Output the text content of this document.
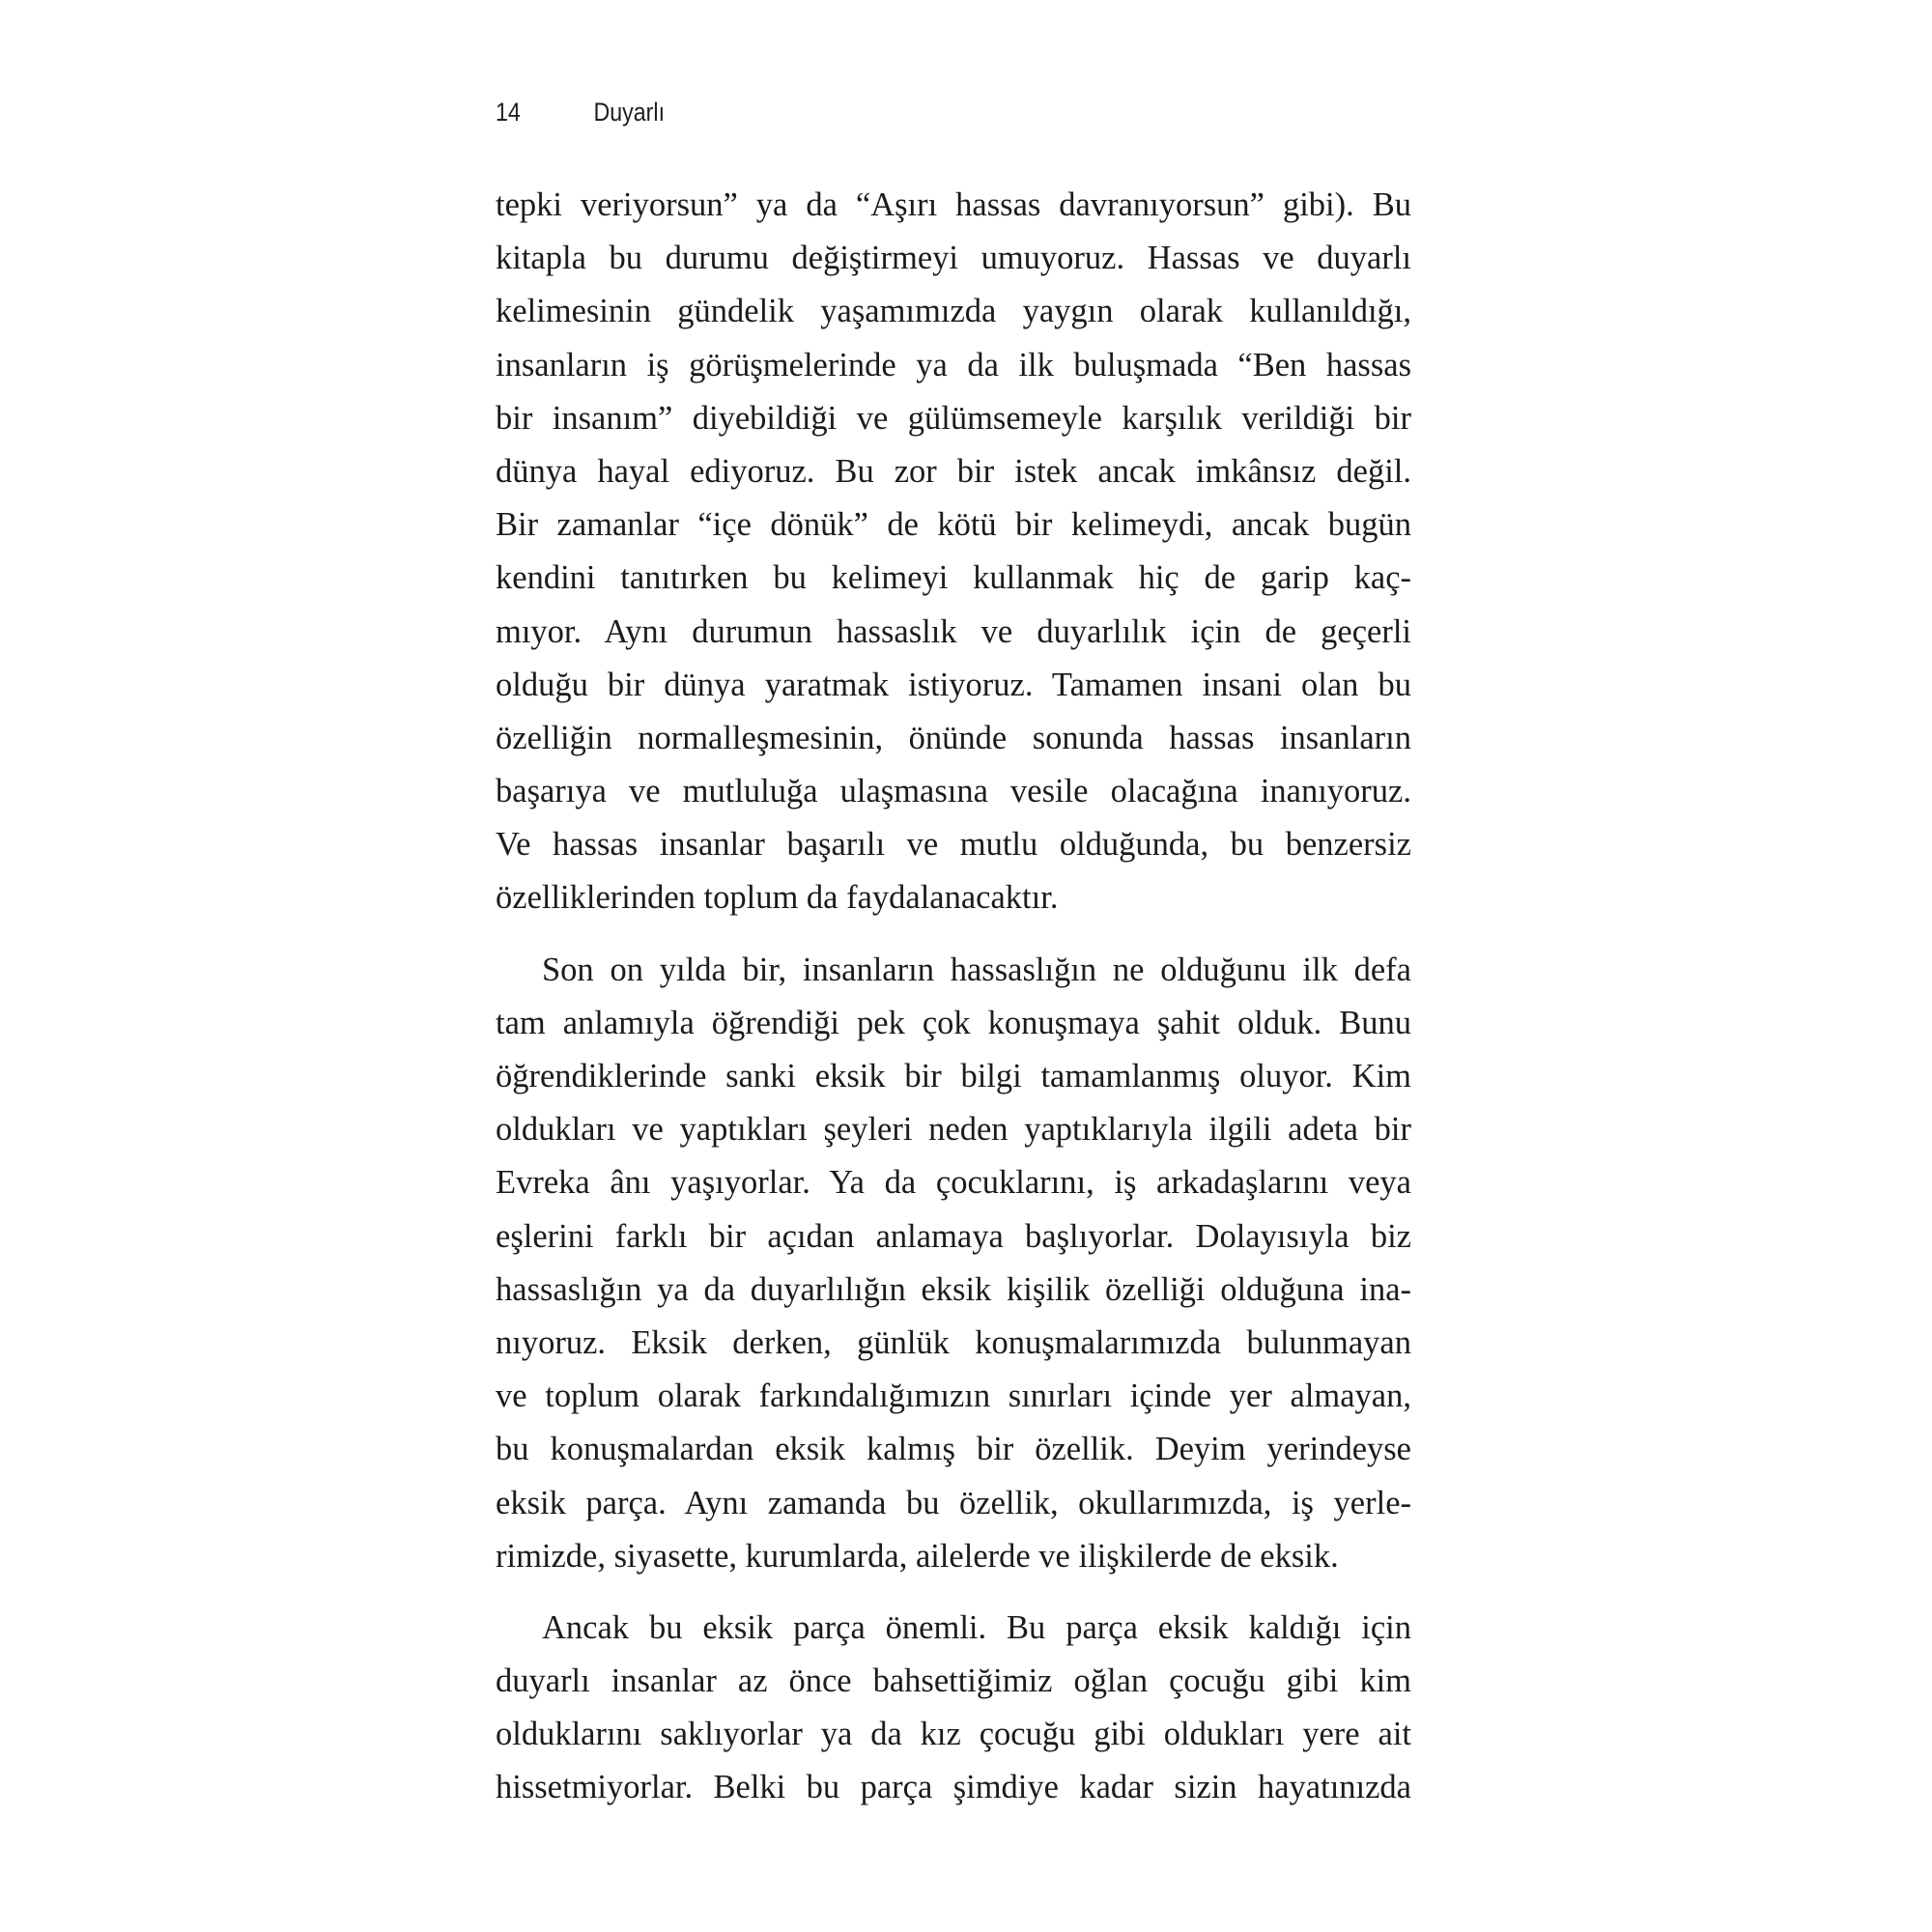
14	Duyarlı

tepki veriyorsun” ya da “Aşırı hassas davranıyorsun” gibi). Bu
kitapla bu durumu değiştirmeyi umuyoruz. Hassas ve duyarlı
kelimesinin gündelik yaşamımızda yaygın olarak kullanıldığı,
insanların iş görüşmelerinde ya da ilk buluşmada “Ben hassas
bir insanım” diyebildiği ve gülümsemeyle karşılık verildiği bir
dünya hayal ediyoruz. Bu zor bir istek ancak imkânsız değil.
Bir zamanlar “içe dönük” de kötü bir kelimeydi, ancak bugün
kendini tanıtırken bu kelimeyi kullanmak hiç de garip kaç-
mıyor. Aynı durumun hassaslık ve duyarlılık için de geçerli
olduğu bir dünya yaratmak istiyoruz. Tamamen insani olan bu
özelliğin normalleşmesinin, önünde sonunda hassas insanların
başarıya ve mutluluğa ulaşmasına vesile olacağına inanıyoruz.
Ve hassas insanlar başarılı ve mutlu olduğunda, bu benzersiz
özelliklerinden toplum da faydalanacaktır.

Son on yılda bir, insanların hassaslığın ne olduğunu ilk defa
tam anlamıyla öğrendiği pek çok konuşmaya şahit olduk. Bunu
öğrendiklerinde sanki eksik bir bilgi tamamlanmış oluyor. Kim
oldukları ve yaptıkları şeyleri neden yaptıklarıyla ilgili adeta bir
Evreka ânı yaşıyorlar. Ya da çocuklarını, iş arkadaşlarını veya
eşlerini farklı bir açıdan anlamaya başlıyorlar. Dolayısıyla biz
hassaslığın ya da duyarlılığın eksik kişilik özelliği olduğuna ina-
nıyoruz. Eksik derken, günlük konuşmalarımızda bulunmayan
ve toplum olarak farkındalığımızın sınırları içinde yer almayan,
bu konuşmalardan eksik kalmış bir özellik. Deyim yerindeyse
eksik parça. Aynı zamanda bu özellik, okullarımızda, iş yerle-
rimizde, siyasette, kurumlarda, ailelerde ve ilişkilerde de eksik.

Ancak bu eksik parça önemli. Bu parça eksik kaldığı için
duyarlı insanlar az önce bahsettiğimiz oğlan çocuğu gibi kim
olduklarını saklıyorlar ya da kız çocuğu gibi oldukları yere ait
hissetmiyorlar. Belki bu parça şimdiye kadar sizin hayatınızda
